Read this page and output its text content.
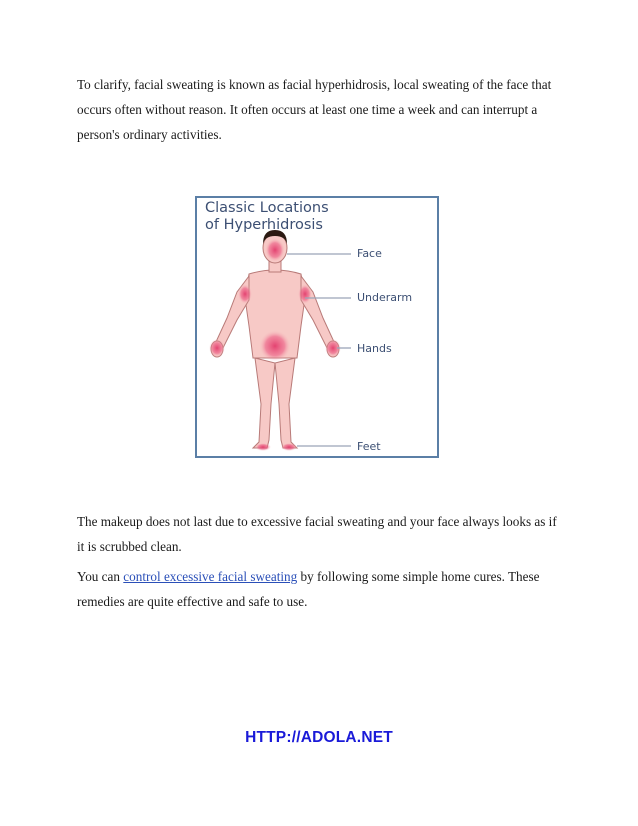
To clarify, facial sweating is known as facial hyperhidrosis, local sweating of the face that occurs often without reason. It often occurs at least one time a week and can interrupt a person's ordinary activities.

Classic Locations
of Hyperhidrosis

Face
Underarm
Hands
Feet

The makeup does not last due to excessive facial sweating and your face always looks as if it is scrubbed clean.

You can control excessive facial sweating by following some simple home cures. These remedies are quite effective and safe to use.

HTTP://ADOLA.NET
